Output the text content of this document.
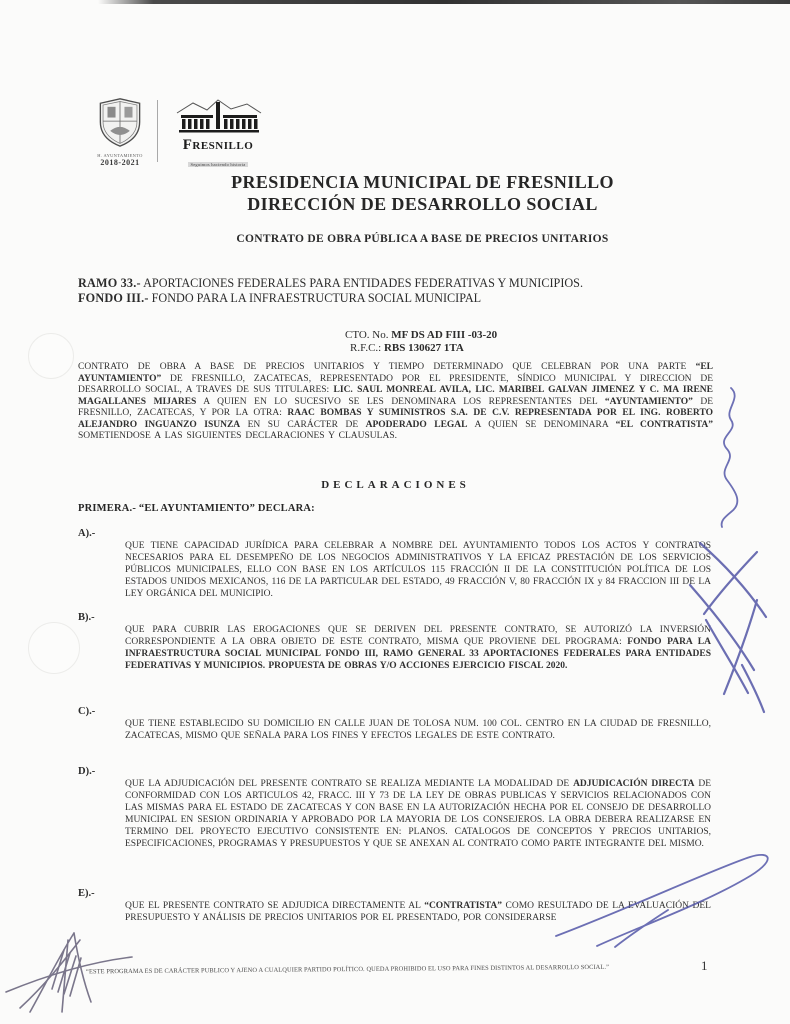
H. AYUNTAMIENTO
2018-2021
Fresnillo
Seguimos haciendo historia
PRESIDENCIA MUNICIPAL DE FRESNILLO
DIRECCIÓN DE DESARROLLO SOCIAL
CONTRATO DE OBRA PÚBLICA A BASE DE PRECIOS UNITARIOS
RAMO 33.- APORTACIONES FEDERALES PARA ENTIDADES FEDERATIVAS Y MUNICIPIOS.
FONDO III.- FONDO PARA LA INFRAESTRUCTURA SOCIAL MUNICIPAL
CTO. No. MF DS AD FIII -03-20
R.F.C.: RBS 130627 1TA
CONTRATO DE OBRA A BASE DE PRECIOS UNITARIOS Y TIEMPO DETERMINADO QUE CELEBRAN POR UNA PARTE “EL AYUNTAMIENTO” DE FRESNILLO, ZACATECAS, REPRESENTADO POR EL PRESIDENTE, SÍNDICO MUNICIPAL Y DIRECCION DE DESARROLLO SOCIAL, A TRAVES DE SUS TITULARES: LIC. SAUL MONREAL AVILA, LIC. MARIBEL GALVAN JIMENEZ Y C. MA IRENE MAGALLANES MIJARES A QUIEN EN LO SUCESIVO SE LES DENOMINARA LOS REPRESENTANTES DEL “AYUNTAMIENTO” DE FRESNILLO, ZACATECAS, Y POR LA OTRA: RAAC BOMBAS Y SUMINISTROS S.A. DE C.V. REPRESENTADA POR EL ING. ROBERTO ALEJANDRO INGUANZO ISUNZA EN SU CARÁCTER DE APODERADO LEGAL A QUIEN SE DENOMINARA “EL CONTRATISTA” SOMETIENDOSE A LAS SIGUIENTES DECLARACIONES Y CLAUSULAS.
DECLARACIONES
PRIMERA.- “EL AYUNTAMIENTO” DECLARA:
A).-
QUE TIENE CAPACIDAD JURÍDICA PARA CELEBRAR A NOMBRE DEL AYUNTAMIENTO TODOS LOS ACTOS Y CONTRATOS NECESARIOS PARA EL DESEMPEÑO DE LOS NEGOCIOS ADMINISTRATIVOS Y LA EFICAZ PRESTACIÓN DE LOS SERVICIOS PÚBLICOS MUNICIPALES, ELLO CON BASE EN LOS ARTÍCULOS 115 FRACCIÓN II DE LA CONSTITUCIÓN POLÍTICA DE LOS ESTADOS UNIDOS MEXICANOS, 116 DE LA PARTICULAR DEL ESTADO, 49 FRACCIÓN V, 80 FRACCIÓN IX y 84 FRACCION III DE LA LEY ORGÁNICA DEL MUNICIPIO.
B).-
QUE PARA CUBRIR LAS EROGACIONES QUE SE DERIVEN DEL PRESENTE CONTRATO, SE AUTORIZÓ LA INVERSIÓN CORRESPONDIENTE A LA OBRA OBJETO DE ESTE CONTRATO, MISMA QUE PROVIENE DEL PROGRAMA: FONDO PARA LA INFRAESTRUCTURA SOCIAL MUNICIPAL FONDO III, RAMO GENERAL 33 APORTACIONES FEDERALES PARA ENTIDADES FEDERATIVAS Y MUNICIPIOS. PROPUESTA DE OBRAS Y/O ACCIONES EJERCICIO FISCAL 2020.
C).-
QUE TIENE ESTABLECIDO SU DOMICILIO EN CALLE JUAN DE TOLOSA NUM. 100 COL. CENTRO EN LA CIUDAD DE FRESNILLO, ZACATECAS, MISMO QUE SEÑALA PARA LOS FINES Y EFECTOS LEGALES DE ESTE CONTRATO.
D).-
QUE LA ADJUDICACIÓN DEL PRESENTE CONTRATO SE REALIZA MEDIANTE LA MODALIDAD DE ADJUDICACIÓN DIRECTA DE CONFORMIDAD CON LOS ARTICULOS 42, FRACC. III Y 73 DE LA LEY DE OBRAS PUBLICAS Y SERVICIOS RELACIONADOS CON LAS MISMAS PARA EL ESTADO DE ZACATECAS Y CON BASE EN LA AUTORIZACIÓN HECHA POR EL CONSEJO DE DESARROLLO MUNICIPAL EN SESION ORDINARIA Y APROBADO POR LA MAYORIA DE LOS CONSEJEROS. LA OBRA DEBERA REALIZARSE EN TERMINO DEL PROYECTO EJECUTIVO CONSISTENTE EN: PLANOS. CATALOGOS DE CONCEPTOS Y PRECIOS UNITARIOS, ESPECIFICACIONES, PROGRAMAS Y PRESUPUESTOS Y QUE SE ANEXAN AL CONTRATO COMO PARTE INTEGRANTE DEL MISMO.
E).-
QUE EL PRESENTE CONTRATO SE ADJUDICA DIRECTAMENTE AL “CONTRATISTA” COMO RESULTADO DE LA EVALUACIÓN DEL PRESUPUESTO Y ANÁLISIS DE PRECIOS UNITARIOS POR EL PRESENTADO, POR CONSIDERARSE
“ESTE PROGRAMA ES DE CARÁCTER PUBLICO Y AJENO A CUALQUIER PARTIDO POLÍTICO. QUEDA PROHIBIDO EL USO PARA FINES DISTINTOS AL DESARROLLO SOCIAL.”	1
